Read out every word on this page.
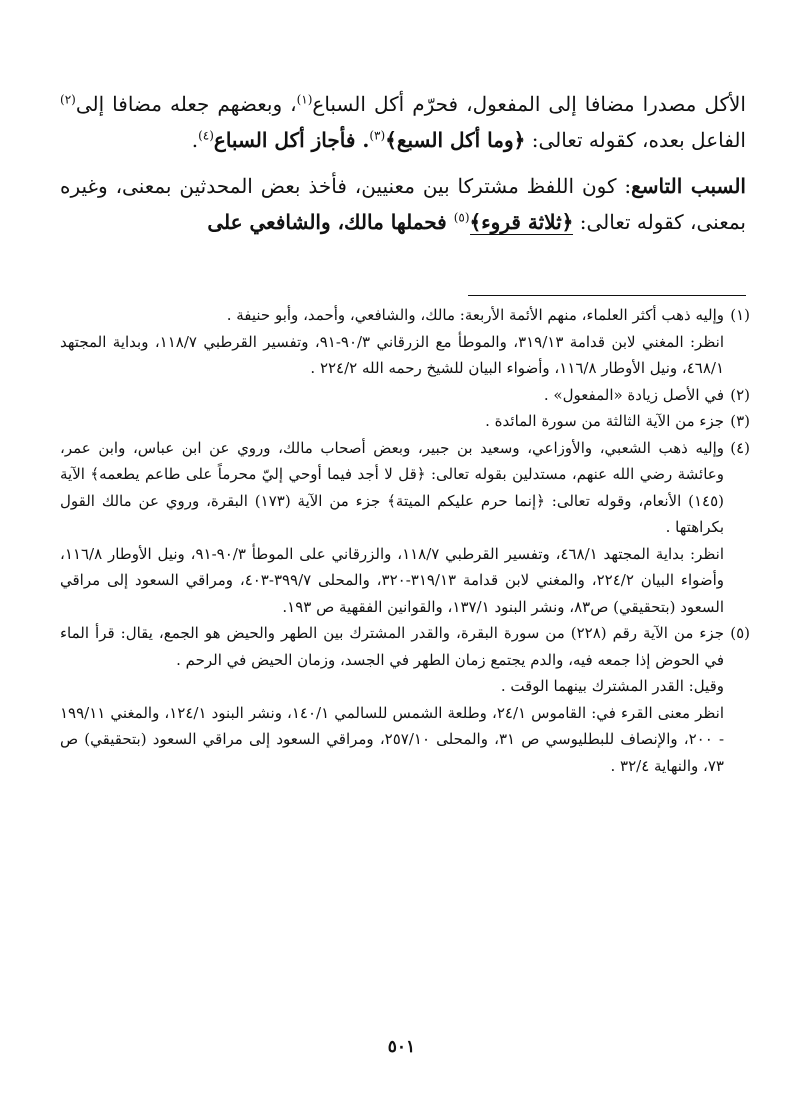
الأكل مصدرا مضافا إلى المفعول، فحرّم أكل السباع$^{(١)}$، وبعضهم جعله مضافا إلى$^{(٢)}$ الفاعل بعده، كقوله تعالى: ﴿وما أكل السبع﴾$^{(٣)}$. فأجاز أكل السباع$^{(٤)}$.

السبب التاسع: كون اللفظ مشتركا بين معنيين، فأخذ بعض المحدثين بمعنى، وغيره بمعنى، كقوله تعالى: ﴿ثلاثة قروء﴾$^{(٥)}$ فحملها مالك، والشافعي على

(١)
وإليه ذهب أكثر العلماء، منهم الأئمة الأربعة: مالك، والشافعي، وأحمد، وأبو حنيفة .
انظر: المغني لابن قدامة ٣١٩/١٣، والموطأ مع الزرقاني ٩٠/٣-٩١، وتفسير القرطبي ١١٨/٧، وبداية المجتهد ٤٦٨/١، ونيل الأوطار ١١٦/٨، وأضواء البيان للشيخ رحمه الله ٢٢٤/٢ .
(٢)
في الأصل زيادة «المفعول» .
(٣)
جزء من الآية الثالثة من سورة المائدة .
(٤)
وإليه ذهب الشعبي، والأوزاعي، وسعيد بن جبير، وبعض أصحاب مالك، وروي عن ابن عباس، وابن عمر، وعائشة رضي الله عنهم، مستدلين بقوله تعالى: ﴿قل لا أجد فيما أوحي إليّ محرماً على طاعم يطعمه﴾ الآية (١٤٥) الأنعام، وقوله تعالى: ﴿إنما حرم عليكم الميتة﴾ جزء من الآية (١٧٣) البقرة، وروي عن مالك القول بكراهتها .
انظر: بداية المجتهد ٤٦٨/١، وتفسير القرطبي ١١٨/٧، والزرقاني على الموطأ ٩٠/٣-٩١، ونيل الأوطار ١١٦/٨، وأضواء البيان ٢٢٤/٢، والمغني لابن قدامة ٣١٩/١٣-٣٢٠، والمحلى ٣٩٩/٧-٤٠٣، ومراقي السعود إلى مراقي السعود (بتحقيقي) ص٨٣، ونشر البنود ١٣٧/١، والقوانين الفقهية ص ١٩٣.
(٥)
جزء من الآية رقم (٢٢٨) من سورة البقرة، والقدر المشترك بين الطهر والحيض هو الجمع، يقال: قرأ الماء في الحوض إذا جمعه فيه، والدم يجتمع زمان الطهر في الجسد، وزمان الحيض في الرحم .
وقيل: القدر المشترك بينهما الوقت .
انظر معنى القرء في: القاموس ٢٤/١، وطلعة الشمس للسالمي ١٤٠/١، ونشر البنود ١٢٤/١، والمغني ١٩٩/١١ - ٢٠٠، والإنصاف للبطليوسي ص ٣١، والمحلى ٢٥٧/١٠، ومراقي السعود إلى مراقي السعود (بتحقيقي) ص ٧٣، والنهاية ٣٢/٤ .
٥٠١
